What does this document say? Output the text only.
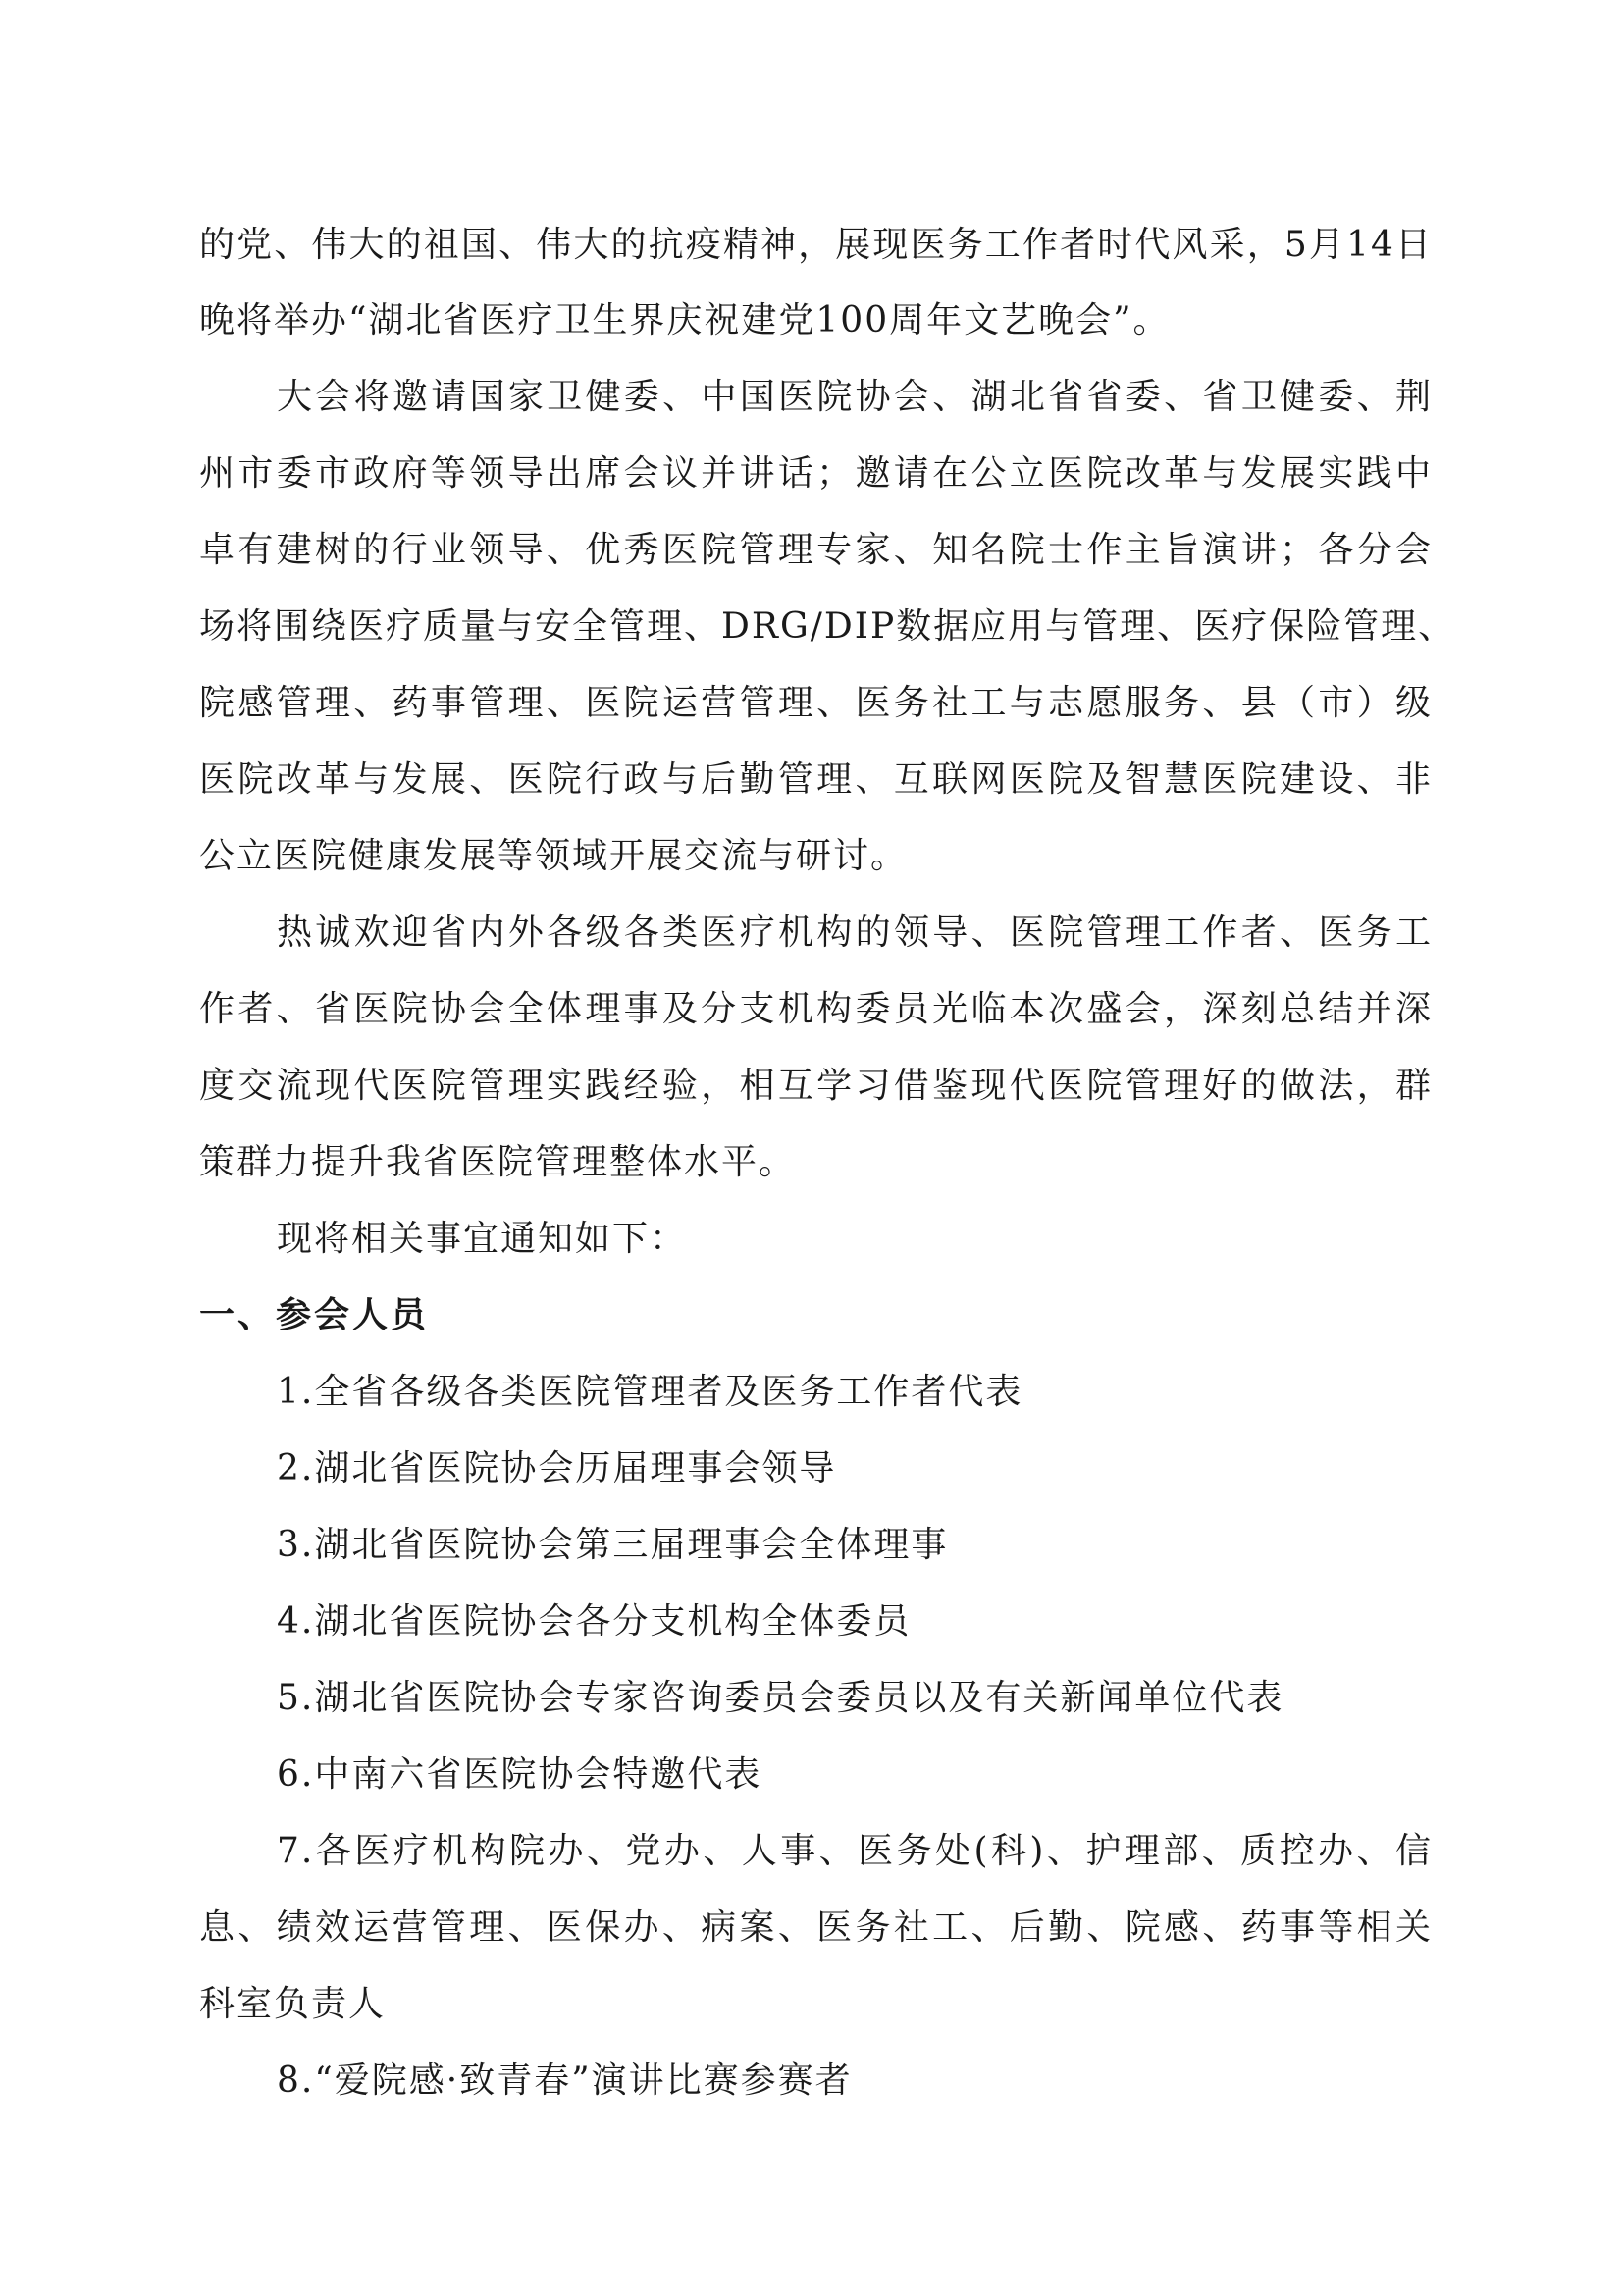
的党、伟大的祖国、伟大的抗疫精神，展现医务工作者时代风采，5月14日
晚将举办“湖北省医疗卫生界庆祝建党100周年文艺晚会”。
大会将邀请国家卫健委、中国医院协会、湖北省省委、省卫健委、荆
州市委市政府等领导出席会议并讲话；邀请在公立医院改革与发展实践中
卓有建树的行业领导、优秀医院管理专家、知名院士作主旨演讲；各分会
场将围绕医疗质量与安全管理、DRG/DIP数据应用与管理、医疗保险管理、
院感管理、药事管理、医院运营管理、医务社工与志愿服务、县（市）级
医院改革与发展、医院行政与后勤管理、互联网医院及智慧医院建设、非
公立医院健康发展等领域开展交流与研讨。
热诚欢迎省内外各级各类医疗机构的领导、医院管理工作者、医务工
作者、省医院协会全体理事及分支机构委员光临本次盛会，深刻总结并深
度交流现代医院管理实践经验，相互学习借鉴现代医院管理好的做法，群
策群力提升我省医院管理整体水平。
现将相关事宜通知如下：
一、参会人员
1.全省各级各类医院管理者及医务工作者代表
2.湖北省医院协会历届理事会领导
3.湖北省医院协会第三届理事会全体理事
4.湖北省医院协会各分支机构全体委员
5.湖北省医院协会专家咨询委员会委员以及有关新闻单位代表
6.中南六省医院协会特邀代表
7.各医疗机构院办、党办、人事、医务处(科)、护理部、质控办、信
息、绩效运营管理、医保办、病案、医务社工、后勤、院感、药事等相关
科室负责人
8.“爱院感·致青春”演讲比赛参赛者
